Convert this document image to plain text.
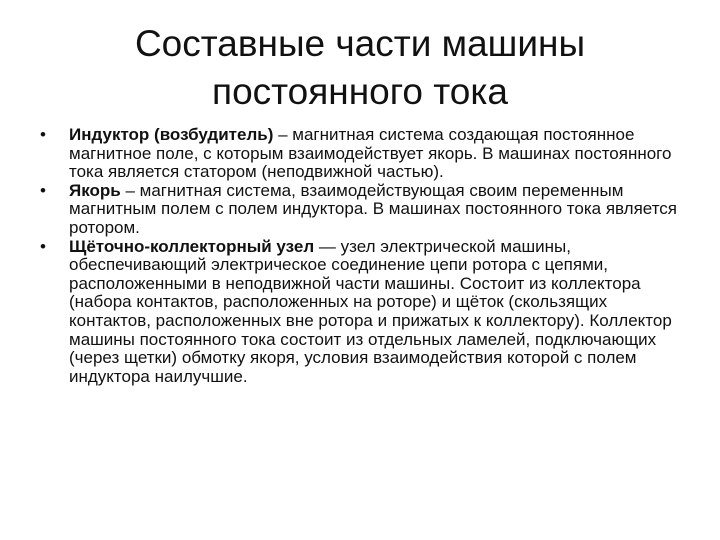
Составные части машины
постоянного тока
• Индуктор (возбудитель) – магнитная система создающая постоянное магнитное поле, с которым взаимодействует якорь. В машинах постоянного тока является статором (неподвижной частью).
• Якорь – магнитная система, взаимодействующая своим переменным магнитным полем с полем индуктора. В машинах постоянного тока является ротором.
• Щёточно-коллекторный узел — узел электрической машины, обеспечивающий электрическое соединение цепи ротора с цепями, расположенными в неподвижной части машины. Состоит из коллектора (набора контактов, расположенных на роторе) и щёток (скользящих контактов, расположенных вне ротора и прижатых к коллектору). Коллектор машины постоянного тока состоит из отдельных ламелей, подключающих (через щетки) обмотку якоря, условия взаимодействия которой с полем индуктора наилучшие.
